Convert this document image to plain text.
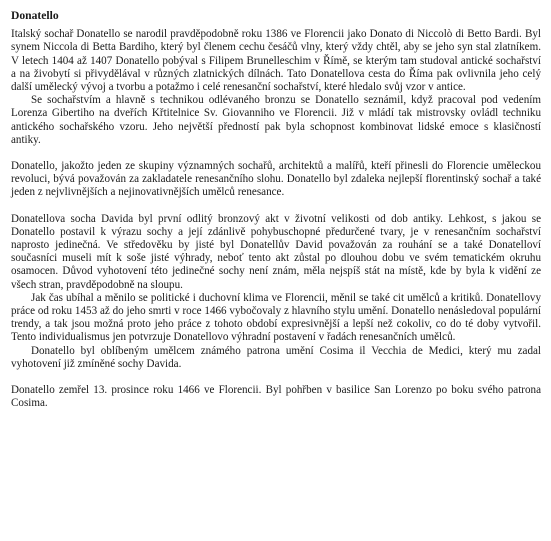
Donatello

Italský sochař Donatello se narodil pravděpodobně roku 1386 ve Florencii jako Donato di Niccolò di Betto Bardi. Byl synem Niccola di Betta Bardiho, který byl členem cechu česáčů vlny, který vždy chtěl, aby se jeho syn stal zlatníkem. V letech 1404 až 1407 Donatello pobýval s Filipem Brunelleschim v Římě, se kterým tam studoval antické sochařství a na živobytí si přivydělával v různých zlatnických dílnách. Tato Donatellova cesta do Říma pak ovlivnila jeho celý další umělecký vývoj a tvorbu a potažmo i celé renesanční sochařství, které hledalo svůj vzor v antice.

Se sochařstvím a hlavně s technikou odlévaného bronzu se Donatello seznámil, když pracoval pod vedením Lorenza Gibertiho na dveřích Křtitelnice Sv. Giovanniho ve Florencii. Již v mládí tak mistrovsky ovládl techniku antického sochařského vzoru. Jeho největší předností pak byla schopnost kombinovat lidské emoce s klasičností antiky.

Donatello, jakožto jeden ze skupiny významných sochařů, architektů a malířů, kteří přinesli do Florencie uměleckou revoluci, bývá považován za zakladatele renesančního slohu. Donatello byl zdaleka nejlepší florentinský sochař a také jeden z nejvlivnějších a nejinovativnějších umělců renesance.

Donatellova socha Davida byl první odlitý bronzový akt v životní velikosti od dob antiky. Lehkost, s jakou se Donatello postavil k výrazu sochy a její zdánlivě pohybuschopné předurčené tvary, je v renesančním sochařství naprosto jedinečná. Ve středověku by jisté byl Donatellův David považován za rouhání se a také Donatelloví současníci museli mít k soše jisté výhrady, neboť tento akt zůstal po dlouhou dobu ve svém tematickém okruhu osamocen. Důvod vyhotovení této jedinečné sochy není znám, měla nejspíš stát na místě, kde by byla k vidění ze všech stran, pravděpodobně na sloupu.

Jak čas ubíhal a měnilo se politické i duchovní klima ve Florencii, měnil se také cit umělců a kritiků. Donatellovy práce od roku 1453 až do jeho smrti v roce 1466 vybočovaly z hlavního stylu umění. Donatello nenásledoval populární trendy, a tak jsou možná proto jeho práce z tohoto období expresivnější a lepší než cokoliv, co do té doby vytvořil. Tento individualismus jen potvrzuje Donatellovo výhradní postavení v řadách renesančních umělců.

Donatello byl oblíbeným umělcem známého patrona umění Cosima il Vecchia de Medici, který mu zadal vyhotovení již zmíněné sochy Davida.

Donatello zemřel 13. prosince roku 1466 ve Florencii. Byl pohřben v basilice San Lorenzo po boku svého patrona Cosima.
